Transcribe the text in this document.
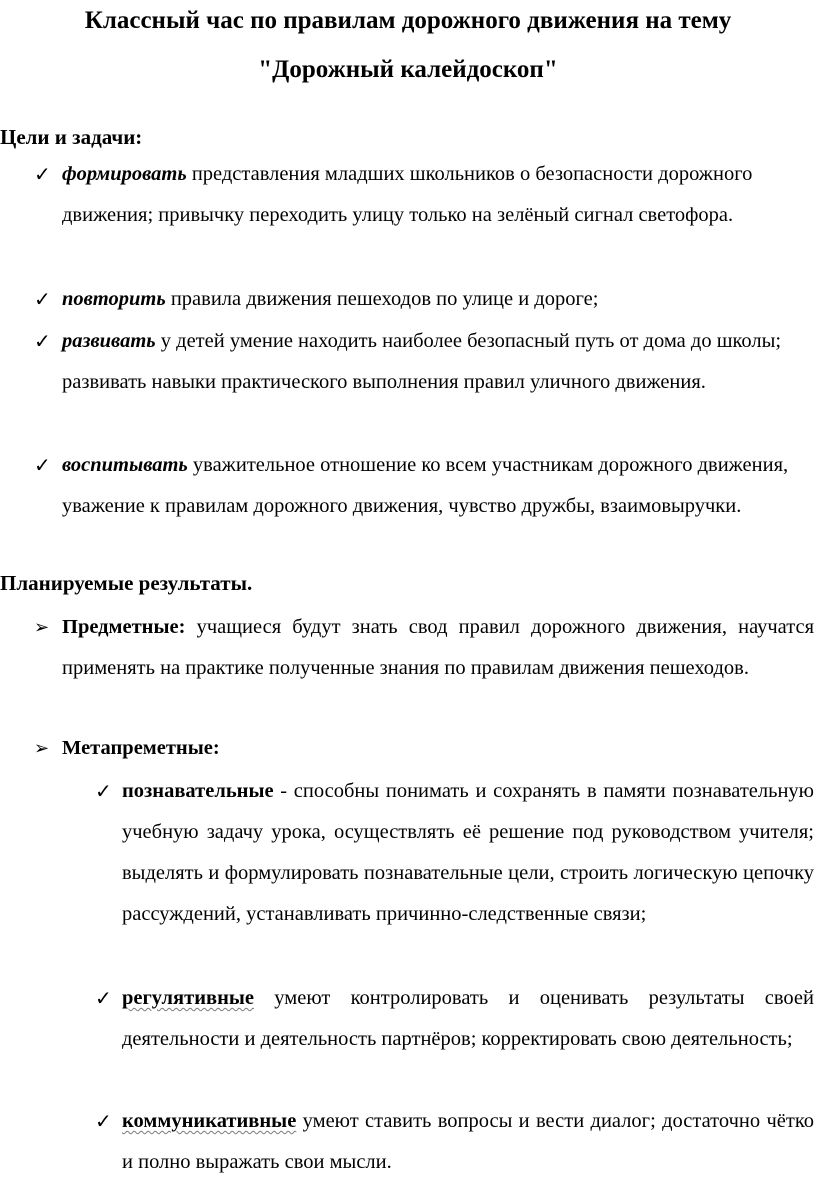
Классный час по правилам дорожного движения на тему
"Дорожный калейдоскоп"
Цели и задачи:
✓ формировать представления младших школьников о безопасности дорожного движения; привычку переходить улицу только на зелёный сигнал светофора.
✓ повторить правила движения пешеходов по улице и дороге;
✓ развивать у детей умение находить наиболее безопасный путь от дома до школы; развивать навыки практического выполнения правил уличного движения.
✓ воспитывать уважительное отношение ко всем участникам дорожного движения, уважение к правилам дорожного движения, чувство дружбы, взаимовыручки.
Планируемые результаты.
➢ Предметные: учащиеся будут знать свод правил дорожного движения, научатся применять на практике полученные знания по правилам движения пешеходов.
➢ Метапреметные:
✓ познавательные - способны понимать и сохранять в памяти познавательную учебную задачу урока, осуществлять её решение под руководством учителя; выделять и формулировать познавательные цели, строить логическую цепочку рассуждений, устанавливать причинно-следственные связи;
✓ регулятивные умеют контролировать и оценивать результаты своей деятельности и деятельность партнёров; корректировать свою деятельность;
✓ коммуникативные умеют ставить вопросы и вести диалог; достаточно чётко и полно выражать свои мысли.
